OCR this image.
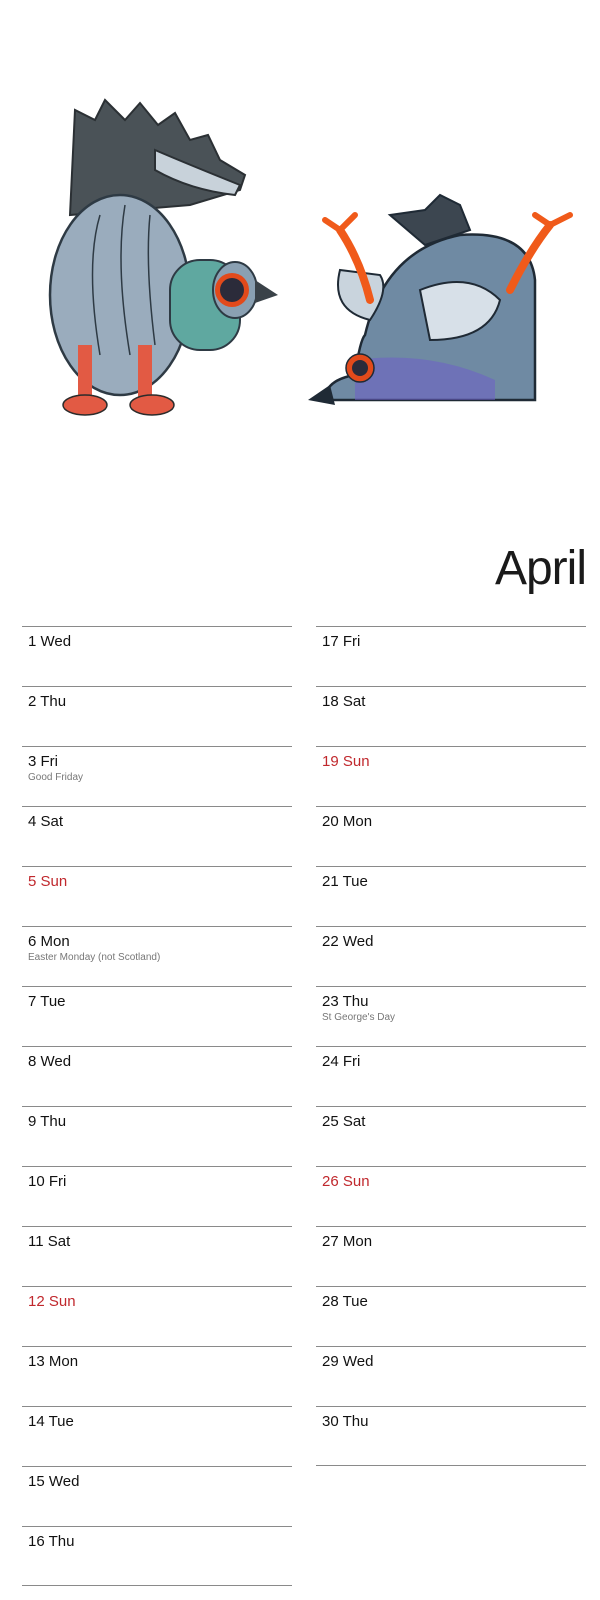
April
1 Wed
2 Thu
3 Fri
Good Friday
4 Sat
5 Sun
6 Mon
Easter Monday (not Scotland)
7 Tue
8 Wed
9 Thu
10 Fri
11 Sat
12 Sun
13 Mon
14 Tue
15 Wed
16 Thu
17 Fri
18 Sat
19 Sun
20 Mon
21 Tue
22 Wed
23 Thu
St George's Day
24 Fri
25 Sat
26 Sun
27 Mon
28 Tue
29 Wed
30 Thu
